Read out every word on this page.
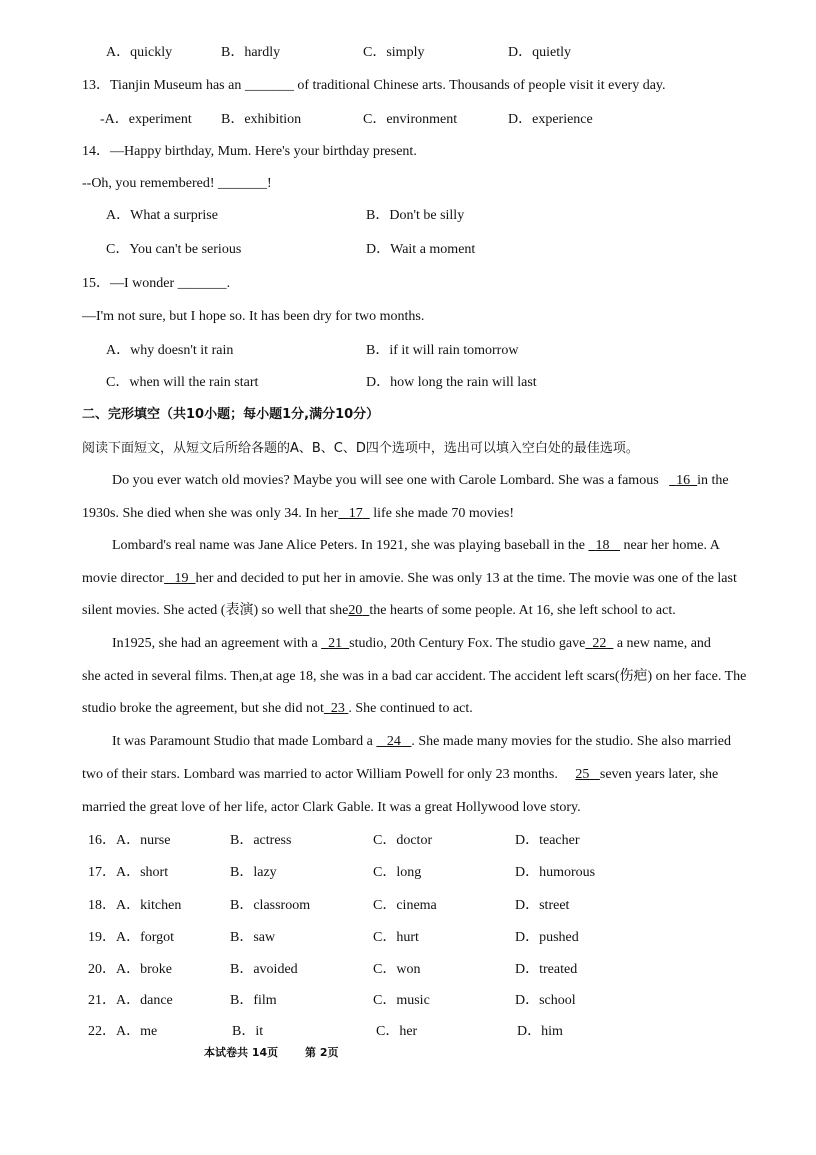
A．quickly	B．hardly	C．simply	D．quietly
13．Tianjin Museum has an _______ of traditional Chinese arts. Thousands of people visit it every day.
-A．experiment B．exhibition	C．environment	D．experience
14．—Happy birthday, Mum. Here's your birthday present.
--Oh, you remembered! _______!
A．What a surprise	B．Don't be silly
C．You can't be serious	D．Wait a moment
15．—I wonder _______.
—I'm not sure, but I hope so. It has been dry for two months.
A．why doesn't it rain	B．if it will rain tomorrow
C．when will the rain start	D．how long the rain will last
二、完形填空（共10小题；每小题1分,满分10分）
阅读下面短文，从短文后所给各题的A、B、C、D四个选项中，选出可以填入空白处的最佳选项。
Do you ever watch old movies? Maybe you will see one with Carole Lombard. She was a famous 16 in the
1930s. She died when she was only 34. In her 17 life she made 70 movies!
Lombard's real name was Jane Alice Peters. In 1921, she was playing baseball in the 18 near her home. A
movie director 19 her and decided to put her in amovie. She was only 13 at the time. The movie was one of the last
silent movies. She acted (表演) so well that she20 the hearts of some people. At 16, she left school to act.
In1925, she had an agreement with a 21 studio, 20th Century Fox. The studio gave 22 a new name, and
she acted in several films. Then,at age 18, she was in a bad car accident. The accident left scars(伤疤) on her face. The
studio broke the agreement, but she did not 23 . She continued to act.
It was Paramount Studio that made Lombard a 24 . She made many movies for the studio. She also married
two of their stars. Lombard was married to actor William Powell for only 23 months. 25 seven years later, she
married the great love of her life, actor Clark Gable. It was a great Hollywood love story.
16． A．nurse	B．actress	C．doctor	D．teacher
17． A．short	B．lazy	C．long	D．humorous
18． A．kitchen	B．classroom	C．cinema	D．street
19． A．forgot	B．saw	C．hurt	D．pushed
20． A．broke	B．avoided	C．won	D．treated
21． A．dance	B．film	C．music	D．school
22． A．me	B．it	C．her	D．him
本试卷共 14页 第 2页
